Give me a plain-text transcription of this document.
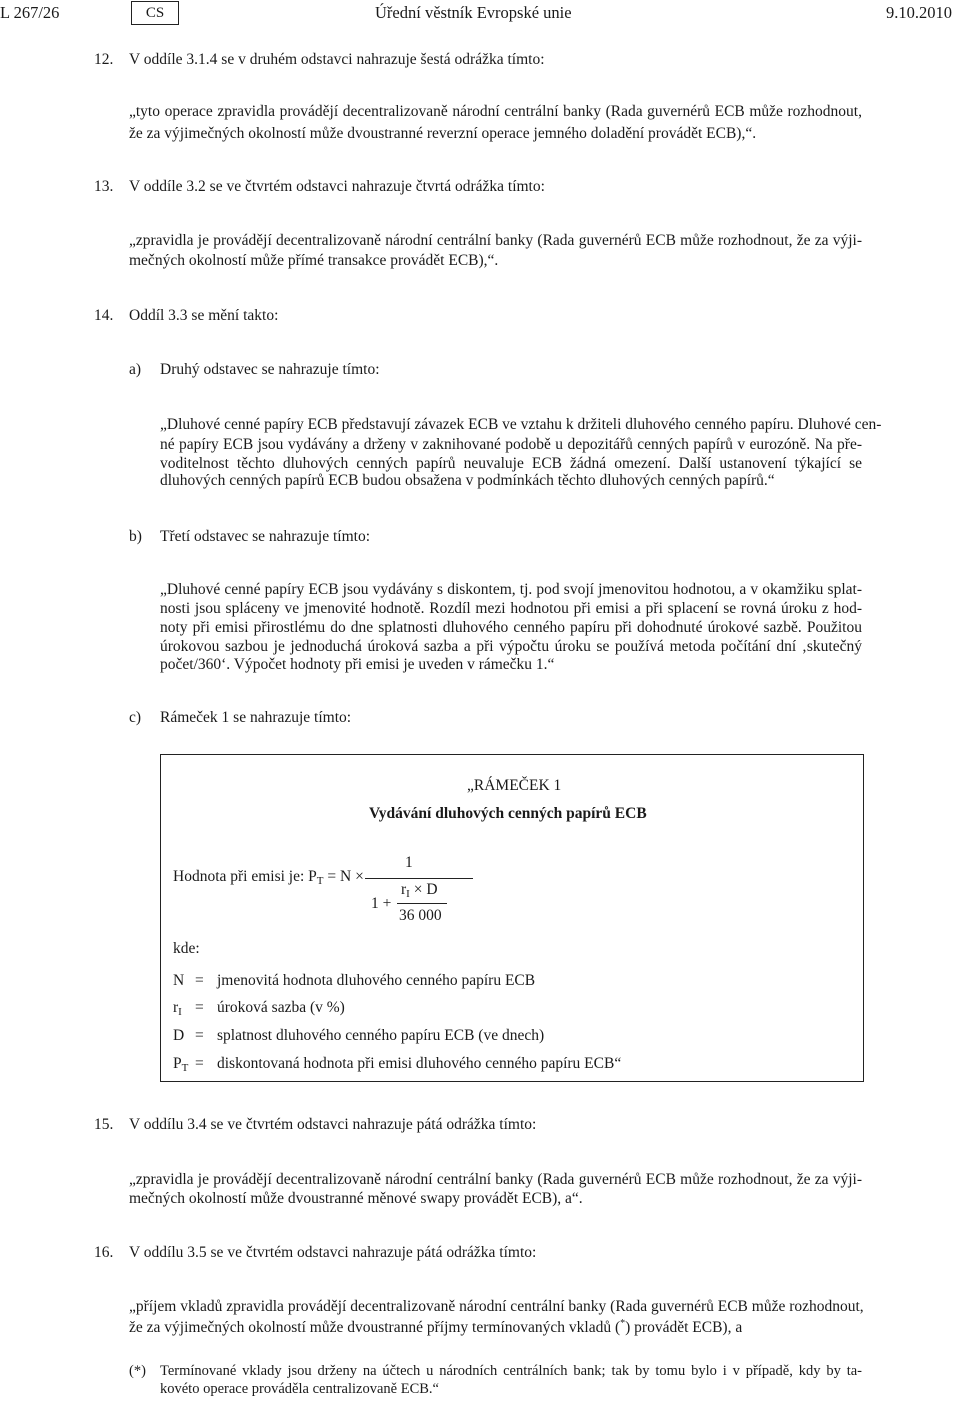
L 267/26	CS	Úřední věstník Evropské unie	9.10.2010
12. V oddíle 3.1.4 se v druhém odstavci nahrazuje šestá odrážka tímto:
„tyto operace zpravidla provádějí decentralizovaně národní centrální banky (Rada guvernérů ECB může rozhodnout,
že za výjimečných okolností může dvoustranné reverzní operace jemného doladění provádět ECB),“.
13. V oddíle 3.2 se ve čtvrtém odstavci nahrazuje čtvrtá odrážka tímto:
„zpravidla je provádějí decentralizovaně národní centrální banky (Rada guvernérů ECB může rozhodnout, že za výji-
mečných okolností může přímé transakce provádět ECB),“.
14. Oddíl 3.3 se mění takto:
a) Druhý odstavec se nahrazuje tímto:
„Dluhové cenné papíry ECB představují závazek ECB ve vztahu k držiteli dluhového cenného papíru. Dluhové cen-
né papíry ECB jsou vydávány a drženy v zaknihované podobě u depozitářů cenných papírů v eurozóně. Na pře-
voditelnost těchto dluhových cenných papírů neuvaluje ECB žádná omezení. Další ustanovení týkající se
dluhových cenných papírů ECB budou obsažena v podmínkách těchto dluhových cenných papírů.“
b) Třetí odstavec se nahrazuje tímto:
„Dluhové cenné papíry ECB jsou vydávány s diskontem, tj. pod svojí jmenovitou hodnotou, a v okamžiku splat-
nosti jsou spláceny ve jmenovité hodnotě. Rozdíl mezi hodnotou při emisi a při splacení se rovná úroku z hod-
noty při emisi přirostlému do dne splatnosti dluhového cenného papíru při dohodnuté úrokové sazbě. Použitou
úrokovou sazbou je jednoduchá úroková sazba a při výpočtu úroku se používá metoda počítání dní ‚skutečný
počet/360‘. Výpočet hodnoty při emisi je uveden v rámečku 1.“
c) Rámeček 1 se nahrazuje tímto:
„RÁMEČEK 1
Vydávání dluhových cenných papírů ECB
Hodnota při emisi je: $P_T = N$ ×
1
1 +
$r_I \times D$
36 000
kde:
N = jmenovitá hodnota dluhového cenného papíru ECB
$r_I$ = úroková sazba (v %)
D = splatnost dluhového cenného papíru ECB (ve dnech)
$P_T$ = diskontovaná hodnota při emisi dluhového cenného papíru ECB“
15. V oddílu 3.4 se ve čtvrtém odstavci nahrazuje pátá odrážka tímto:
„zpravidla je provádějí decentralizovaně národní centrální banky (Rada guvernérů ECB může rozhodnout, že za výji-
mečných okolností může dvoustranné měnové swapy provádět ECB), a“.
16. V oddílu 3.5 se ve čtvrtém odstavci nahrazuje pátá odrážka tímto:
„příjem vkladů zpravidla provádějí decentralizovaně národní centrální banky (Rada guvernérů ECB může rozhodnout,
že za výjimečných okolností může dvoustranné příjmy termínovaných vkladů (*) provádět ECB), a
(*) Termínované vklady jsou drženy na účtech u národních centrálních bank; tak by tomu bylo i v případě, kdy by ta-
kovéto operace prováděla centralizovaně ECB.“
